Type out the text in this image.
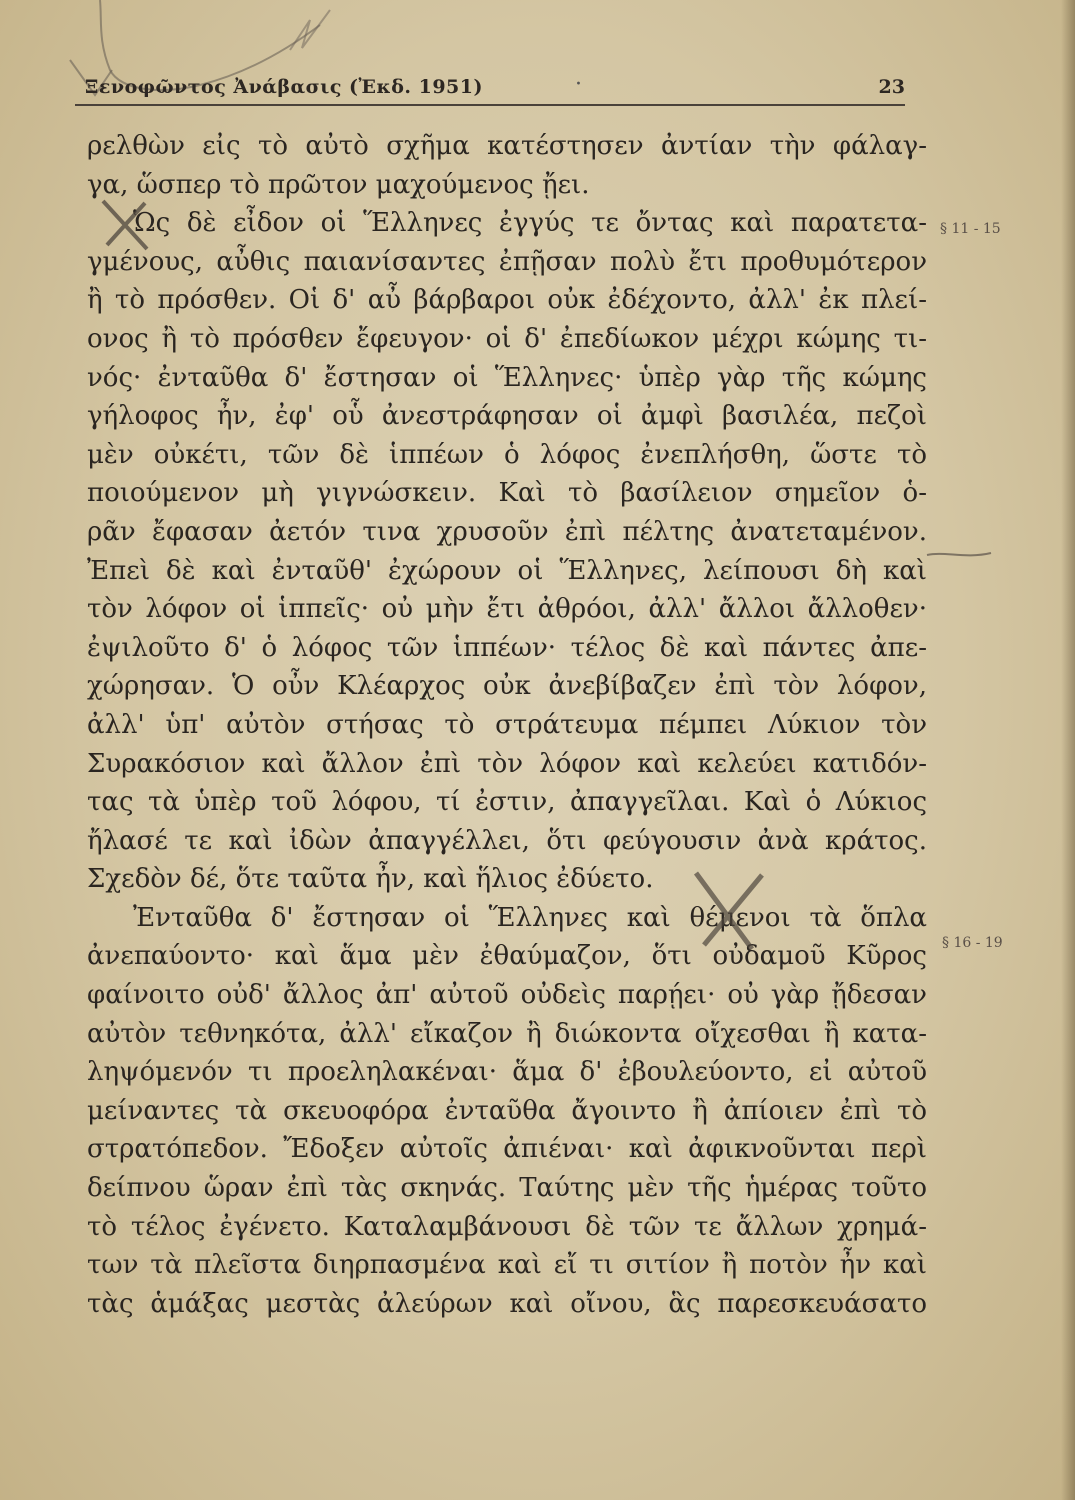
Ξενοφῶντος Ἀνάβασις (Ἐκδ. 1951)	·	23
ρελθὼν εἰς τὸ αὐτὸ σχῆμα κατέστησεν ἀντίαν τὴν φάλαγ-
γα, ὥσπερ τὸ πρῶτον μαχούμενος ᾔει.
Ὡς δὲ εἶδον οἱ Ἕλληνες ἐγγύς τε ὄντας καὶ παρατετα-
γμένους, αὖθις παιανίσαντες ἐπῇσαν πολὺ ἔτι προθυμότερον
ἢ τὸ πρόσθεν. Οἱ δ' αὖ βάρβαροι οὐκ ἐδέχοντο, ἀλλ' ἐκ πλεί-
ονος ἢ τὸ πρόσθεν ἔφευγον· οἱ δ' ἐπεδίωκον μέχρι κώμης τι-
νός· ἐνταῦθα δ' ἔστησαν οἱ Ἕλληνες· ὑπὲρ γὰρ τῆς κώμης
γήλοφος ἦν, ἐφ' οὗ ἀνεστράφησαν οἱ ἀμφὶ βασιλέα, πεζοὶ
μὲν οὐκέτι, τῶν δὲ ἱππέων ὁ λόφος ἐνεπλήσθη, ὥστε τὸ
ποιούμενον μὴ γιγνώσκειν. Καὶ τὸ βασίλειον σημεῖον ὁ-
ρᾶν ἔφασαν ἀετόν τινα χρυσοῦν ἐπὶ πέλτης ἀνατεταμένον.
Ἐπεὶ δὲ καὶ ἐνταῦθ' ἐχώρουν οἱ Ἕλληνες, λείπουσι δὴ καὶ
τὸν λόφον οἱ ἱππεῖς· οὐ μὴν ἔτι ἀθρόοι, ἀλλ' ἄλλοι ἄλλοθεν·
ἐψιλοῦτο δ' ὁ λόφος τῶν ἱππέων· τέλος δὲ καὶ πάντες ἀπε-
χώρησαν. Ὁ οὖν Κλέαρχος οὐκ ἀνεβίβαζεν ἐπὶ τὸν λόφον,
ἀλλ' ὑπ' αὐτὸν στήσας τὸ στράτευμα πέμπει Λύκιον τὸν
Συρακόσιον καὶ ἄλλον ἐπὶ τὸν λόφον καὶ κελεύει κατιδόν-
τας τὰ ὑπὲρ τοῦ λόφου, τί ἐστιν, ἀπαγγεῖλαι. Καὶ ὁ Λύκιος
ἤλασέ τε καὶ ἰδὼν ἀπαγγέλλει, ὅτι φεύγουσιν ἀνὰ κράτος.
Σχεδὸν δέ, ὅτε ταῦτα ἦν, καὶ ἥλιος ἐδύετο.
Ἐνταῦθα δ' ἔστησαν οἱ Ἕλληνες καὶ θέμενοι τὰ ὅπλα
ἀνεπαύοντο· καὶ ἅμα μὲν ἐθαύμαζον, ὅτι οὐδαμοῦ Κῦρος
φαίνοιτο οὐδ' ἄλλος ἀπ' αὐτοῦ οὐδεὶς παρῄει· οὐ γὰρ ᾔδεσαν
αὐτὸν τεθνηκότα, ἀλλ' εἴκαζον ἢ διώκοντα οἴχεσθαι ἢ κατα-
ληψόμενόν τι προεληλακέναι· ἅμα δ' ἐβουλεύοντο, εἰ αὐτοῦ
μείναντες τὰ σκευοφόρα ἐνταῦθα ἄγοιντο ἢ ἀπίοιεν ἐπὶ τὸ
στρατόπεδον. Ἔδοξεν αὐτοῖς ἀπιέναι· καὶ ἀφικνοῦνται περὶ
δείπνου ὥραν ἐπὶ τὰς σκηνάς. Ταύτης μὲν τῆς ἡμέρας τοῦτο
τὸ τέλος ἐγένετο. Καταλαμβάνουσι δὲ τῶν τε ἄλλων χρημά-
των τὰ πλεῖστα διηρπασμένα καὶ εἴ τι σιτίον ἢ ποτὸν ἦν καὶ
τὰς ἁμάξας μεστὰς ἀλεύρων καὶ οἴνου, ἃς παρεσκευάσατο
§ 11 - 15
§ 16 - 19
